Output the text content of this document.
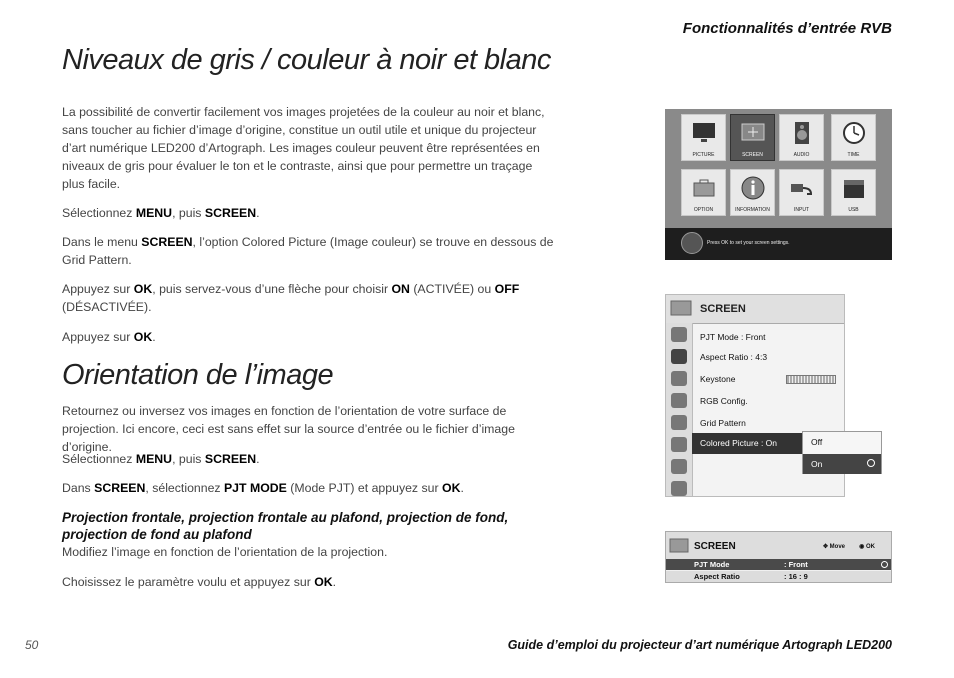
Fonctionnalités d’entrée RVB
Niveaux de gris / couleur à noir et blanc
La possibilité de convertir facilement vos images projetées de la couleur au noir et blanc, sans toucher au fichier d’image d’origine, constitue un outil utile et unique du projecteur d’art numérique LED200 d’Artograph. Les images couleur peuvent être représentées en niveaux de gris pour évaluer le ton et le contraste, ainsi que pour permettre un traçage plus facile.
Sélectionnez MENU, puis SCREEN.
Dans le menu SCREEN, l’option Colored Picture (Image couleur) se trouve en dessous de Grid Pattern.
Appuyez sur OK, puis servez-vous d’une flèche pour choisir ON (ACTIVÉE) ou OFF (DÉSACTIVÉE).
Appuyez sur OK.
Orientation de l’image
Retournez ou inversez vos images en fonction de l’orientation de votre surface de projection. Ici encore, ceci est sans effet sur la source d’entrée ou le fichier d’image d’origine.
Sélectionnez MENU, puis SCREEN.
Dans SCREEN, sélectionnez PJT MODE (Mode PJT) et appuyez sur OK.
Projection frontale, projection frontale au plafond, projection de fond, projection de fond au plafond
Modifiez l’image en fonction de l’orientation de la projection.
Choisissez le paramètre voulu et appuyez sur OK.
PICTURE	SCREEN	AUDIO	TIME
OPTION	INFORMATION	INPUT	USB
Press OK to set your screen settings.
SCREEN
PJT Mode : Front
Aspect Ratio : 4:3
Keystone
RGB Config.
Grid Pattern
Colored Picture : On	Off
On
SCREEN	✥ Move ◉ OK
PJT Mode	: Front
Aspect Ratio	: 16 : 9
50	Guide d’emploi du projecteur d’art numérique Artograph LED200
